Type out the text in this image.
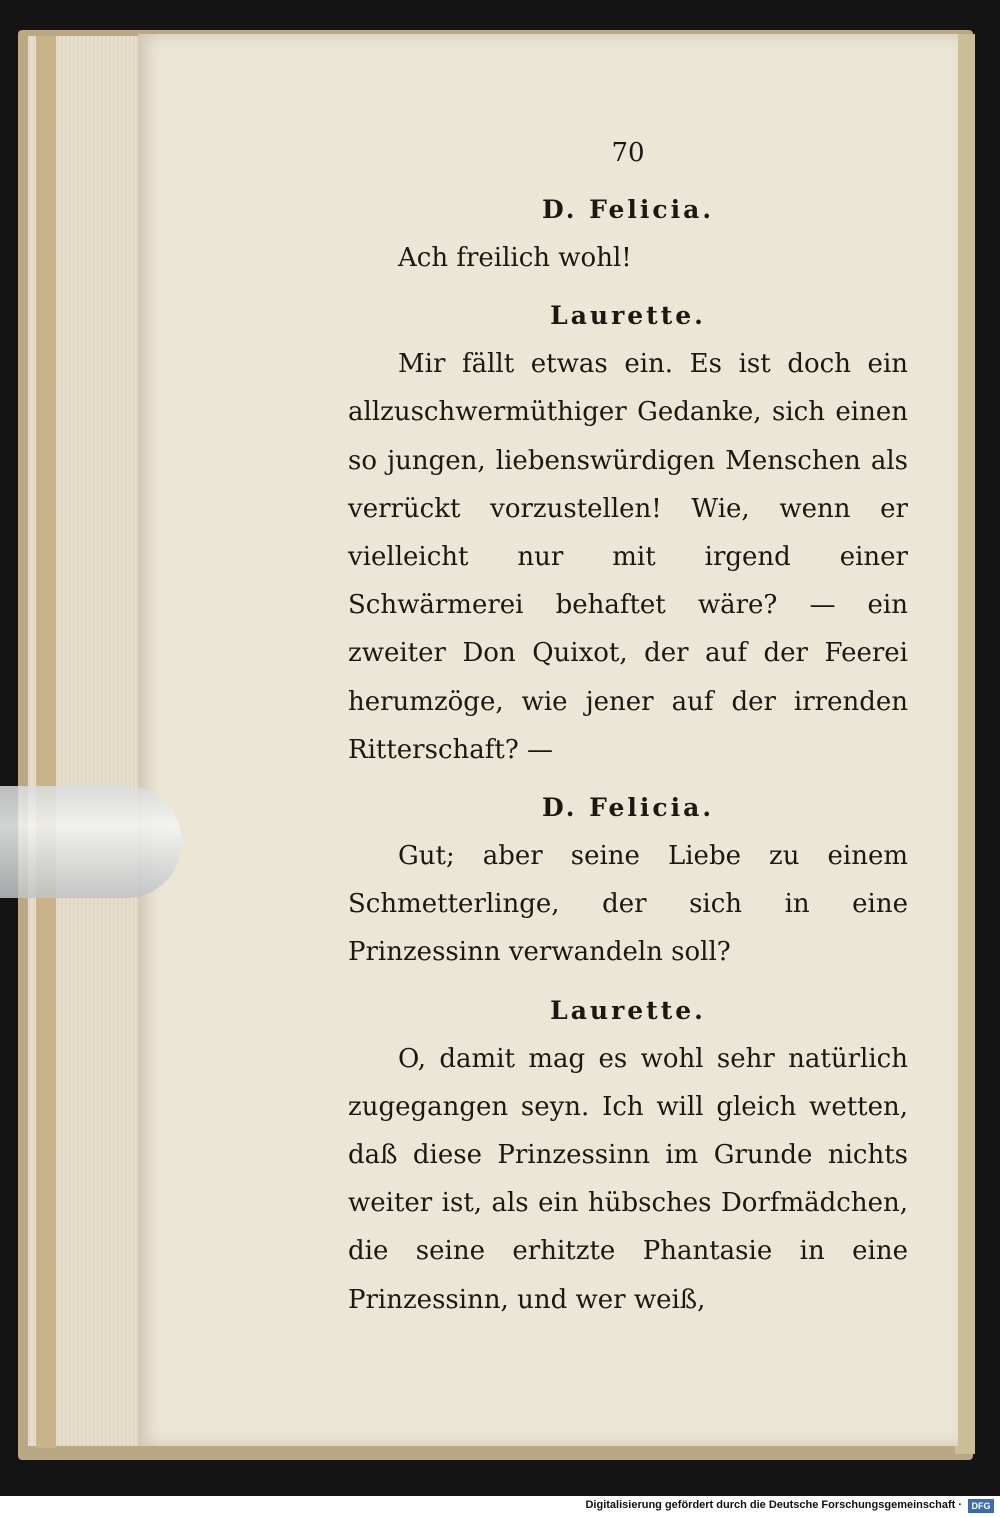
70
D. Felicia.

Ach freilich wohl!

Laurette.

Mir fällt etwas ein. Es ist doch ein allzuschwermüthiger Gedanke, sich einen so jungen, liebenswürdigen Menschen als verrückt vorzustellen! Wie, wenn er vielleicht nur mit irgend einer Schwärmerei behaftet wäre? — ein zweiter Don Quixot, der auf der Feerei herumzöge, wie jener auf der irrenden Ritterschaft? —

D. Felicia.

Gut; aber seine Liebe zu einem Schmetterlinge, der sich in eine Prinzessinn verwandeln soll?

Laurette.

O, damit mag es wohl sehr natürlich zugegangen seyn. Ich will gleich wetten, daß diese Prinzessinn im Grunde nichts weiter ist, als ein hübsches Dorfmädchen, die seine erhitzte Phantasie in eine Prinzessinn, und wer weiß,

Digitalisierung gefördert durch die Deutsche Forschungsgemeinschaft ·	DFG
